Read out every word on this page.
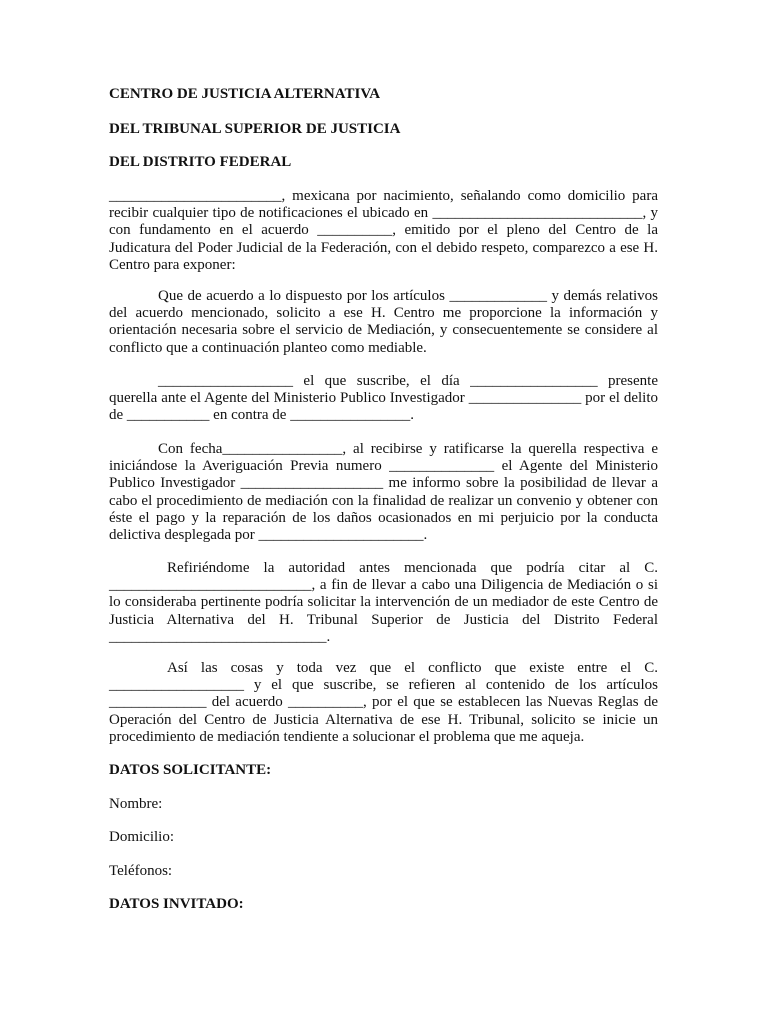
CENTRO DE JUSTICIA ALTERNATIVA
DEL TRIBUNAL SUPERIOR DE JUSTICIA
DEL DISTRITO FEDERAL
_______________________, mexicana por nacimiento, señalando como domicilio para recibir cualquier tipo de notificaciones el ubicado en ____________________________, y con fundamento en el acuerdo __________, emitido por el pleno del Centro de la Judicatura del Poder Judicial de la Federación, con el debido respeto, comparezco a ese H. Centro para exponer:
Que de acuerdo a lo dispuesto por los artículos _____________ y demás relativos del acuerdo mencionado, solicito a ese H. Centro me proporcione la información y orientación necesaria sobre el servicio de Mediación, y consecuentemente se considere al conflicto que a continuación planteo como mediable.
__________________ el que suscribe, el día _________________ presente querella ante el Agente del Ministerio Publico Investigador _______________ por el delito de ___________ en contra de ________________.
Con fecha________________, al recibirse y ratificarse la querella respectiva e iniciándose la Averiguación Previa numero ______________ el Agente del Ministerio Publico Investigador ___________________ me informo sobre la posibilidad de llevar a cabo el procedimiento de mediación con la finalidad de realizar un convenio y obtener con éste el pago y la reparación de los daños ocasionados en mi perjuicio por la conducta delictiva desplegada por ______________________.
Refiriéndome la autoridad antes mencionada que podría citar al C. ___________________________, a fin de llevar a cabo una Diligencia de Mediación o si lo consideraba pertinente podría solicitar la intervención de un mediador de este Centro de Justicia Alternativa del H. Tribunal Superior de Justicia del Distrito Federal _____________________________.
Así las cosas y toda vez que el conflicto que existe entre el C. __________________ y el que suscribe, se refieren al contenido de los artículos _____________ del acuerdo __________, por el que se establecen las Nuevas Reglas de Operación del Centro de Justicia Alternativa de ese H. Tribunal, solicito se inicie un procedimiento de mediación tendiente a solucionar el problema que me aqueja.
DATOS SOLICITANTE:
Nombre:
Domicilio:
Teléfonos:
DATOS INVITADO:
